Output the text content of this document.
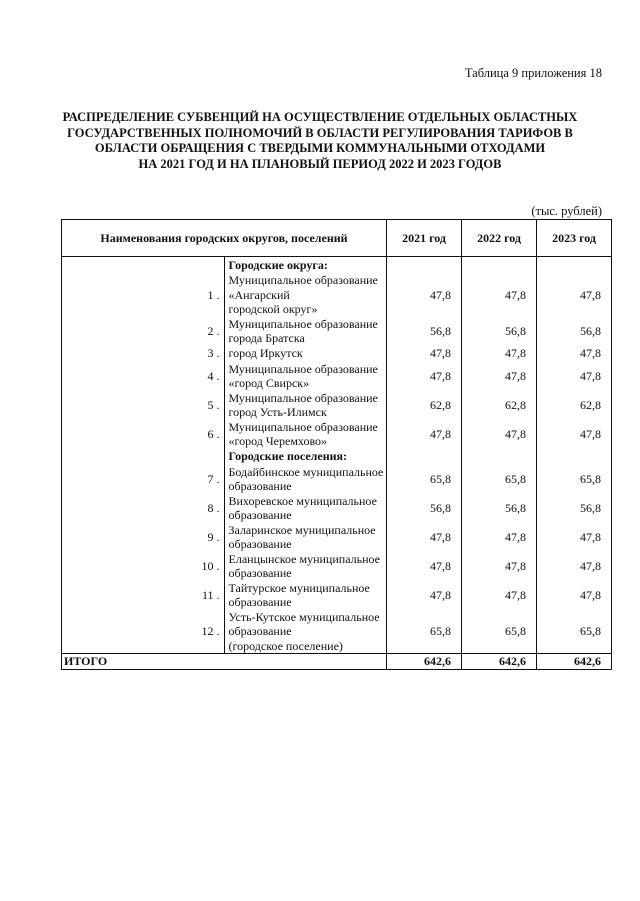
Таблица 9 приложения 18
РАСПРЕДЕЛЕНИЕ СУБВЕНЦИЙ НА ОСУЩЕСТВЛЕНИЕ ОТДЕЛЬНЫХ ОБЛАСТНЫХ
ГОСУДАРСТВЕННЫХ ПОЛНОМОЧИЙ В ОБЛАСТИ РЕГУЛИРОВАНИЯ ТАРИФОВ В
ОБЛАСТИ ОБРАЩЕНИЯ С ТВЕРДЫМИ КОММУНАЛЬНЫМИ ОТХОДАМИ
НА 2021 ГОД И НА ПЛАНОВЫЙ ПЕРИОД 2022 И 2023 ГОДОВ
(тыс. рублей)
Наименования городских округов, поселений		2021 год	2022 год	2023 год
	Городские округа:			
1 .	Муниципальное образование «Ангарский
городской округ»	47,8	47,8	47,8
2 .	Муниципальное образование города Братска	56,8	56,8	56,8
3 .	город Иркутск	47,8	47,8	47,8
4 .	Муниципальное образование «город Свирск»	47,8	47,8	47,8
5 .	Муниципальное образование город Усть-Илимск	62,8	62,8	62,8
6 .	Муниципальное образование «город Черемхово»	47,8	47,8	47,8
	Городские поселения:			
7 .	Бодайбинское муниципальное образование	65,8	65,8	65,8
8 .	Вихоревское муниципальное образование	56,8	56,8	56,8
9 .	Заларинское муниципальное образование	47,8	47,8	47,8
10 .	Еланцынское муниципальное образование	47,8	47,8	47,8
11 .	Тайтурское муниципальное образование	47,8	47,8	47,8
12 .	Усть-Кутское муниципальное образование
(городское поселение)	65,8	65,8	65,8
ИТОГО		642,6	642,6	642,6
